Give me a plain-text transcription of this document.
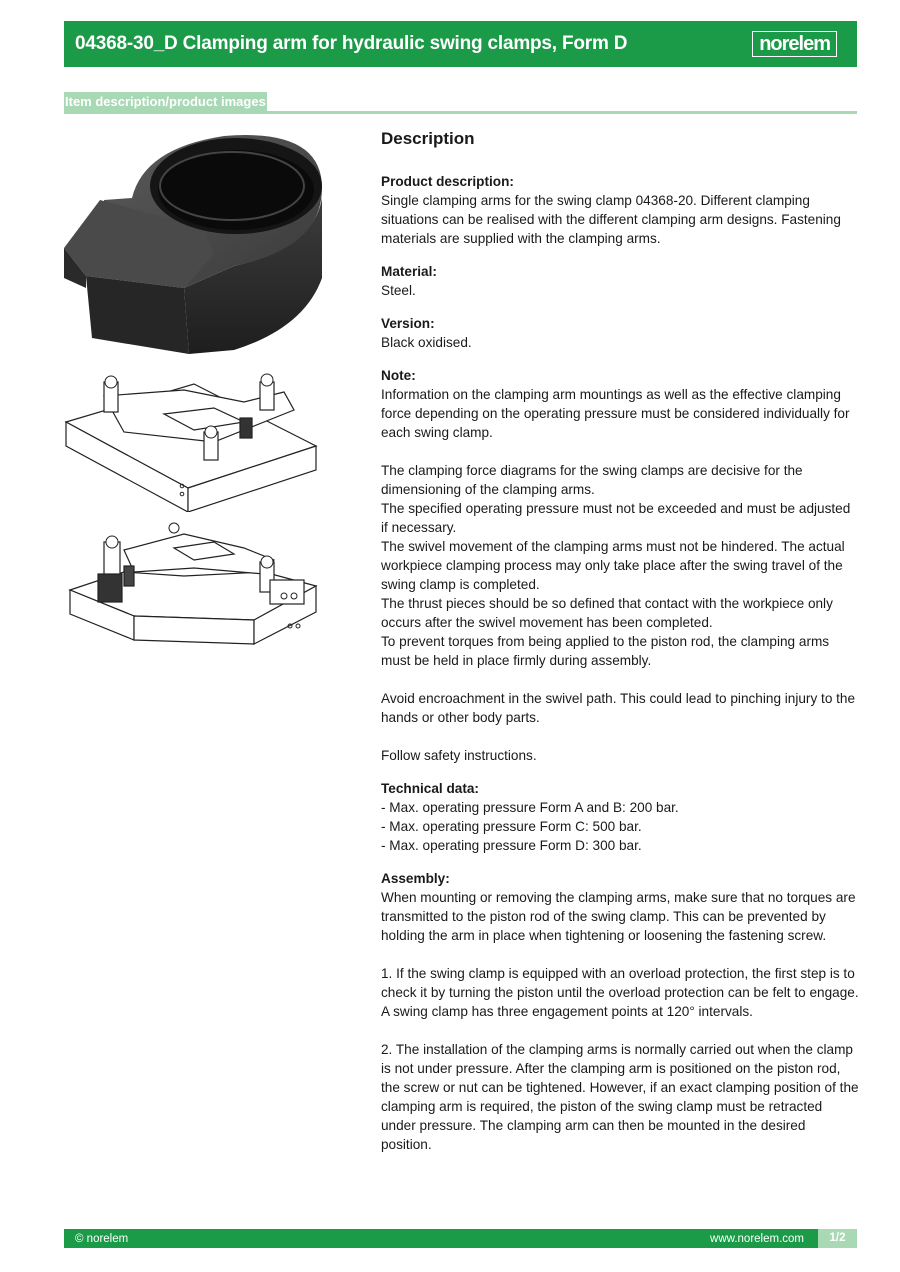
04368-30_D Clamping arm for hydraulic swing clamps, Form D	norelem
Item description/product images
Description
Product description:

Single clamping arms for the swing clamp 04368-20. Different clamping situations can be realised with the different clamping arm designs. Fastening materials are supplied with the clamping arms.

Material:

Steel.

Version:

Black oxidised.

Note:

Information on the clamping arm mountings as well as the effective clamping force depending on the operating pressure must be considered individually for each swing clamp.

The clamping force diagrams for the swing clamps are decisive for the dimensioning of the clamping arms.

The specified operating pressure must not be exceeded and must be adjusted if necessary.

The swivel movement of the clamping arms must not be hindered. The actual workpiece clamping process may only take place after the swing travel of the swing clamp is completed.

The thrust pieces should be so defined that contact with the workpiece only occurs after the swivel movement has been completed.

To prevent torques from being applied to the piston rod, the clamping arms must be held in place firmly during assembly.

Avoid encroachment in the swivel path. This could lead to pinching injury to the hands or other body parts.

Follow safety instructions.

Technical data:

- Max. operating pressure Form A and B: 200 bar.

- Max. operating pressure Form C: 500 bar.

- Max. operating pressure Form D: 300 bar.

Assembly:

When mounting or removing the clamping arms, make sure that no torques are transmitted to the piston rod of the swing clamp. This can be prevented by holding the arm in place when tightening or loosening the fastening screw.

1. If the swing clamp is equipped with an overload protection, the first step is to check it by turning the piston until the overload protection can be felt to engage. A swing clamp has three engagement points at 120° intervals.

2. The installation of the clamping arms is normally carried out when the clamp is not under pressure. After the clamping arm is positioned on the piston rod, the screw or nut can be tightened. However, if an exact clamping position of the clamping arm is required, the piston of the swing clamp must be retracted under pressure. The clamping arm can then be mounted in the desired position.

© norelem	www.norelem.com	1/2
